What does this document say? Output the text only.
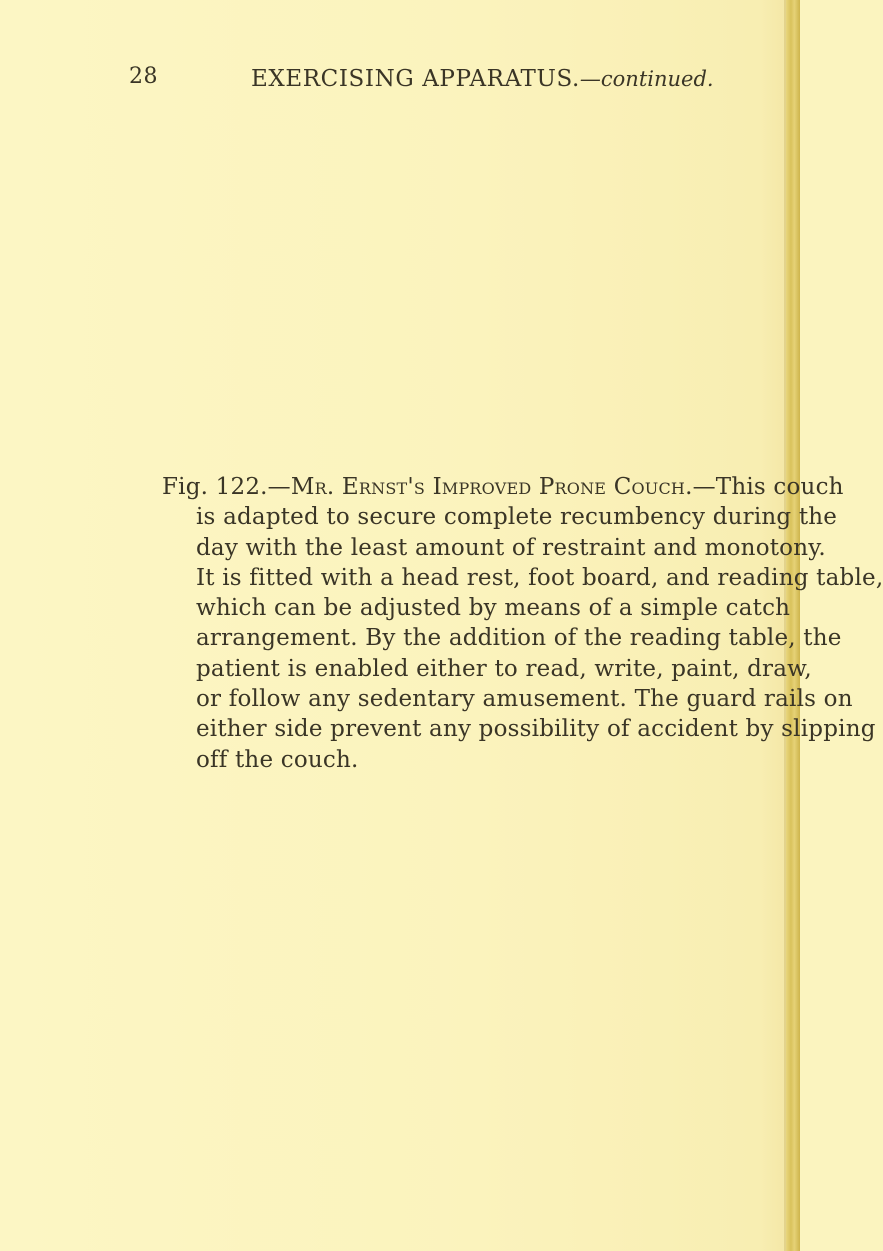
28	EXERCISING APPARATUS.—continued.
Fig. 122.—Mr. Ernst's Improved Prone Couch.—This couch
is adapted to secure complete recumbency during the
day with the least amount of restraint and monotony.
It is fitted with a head rest, foot board, and reading table,
which can be adjusted by means of a simple catch
arrangement. By the addition of the reading table, the
patient is enabled either to read, write, paint, draw,
or follow any sedentary amusement. The guard rails on
either side prevent any possibility of accident by slipping
off the couch.
